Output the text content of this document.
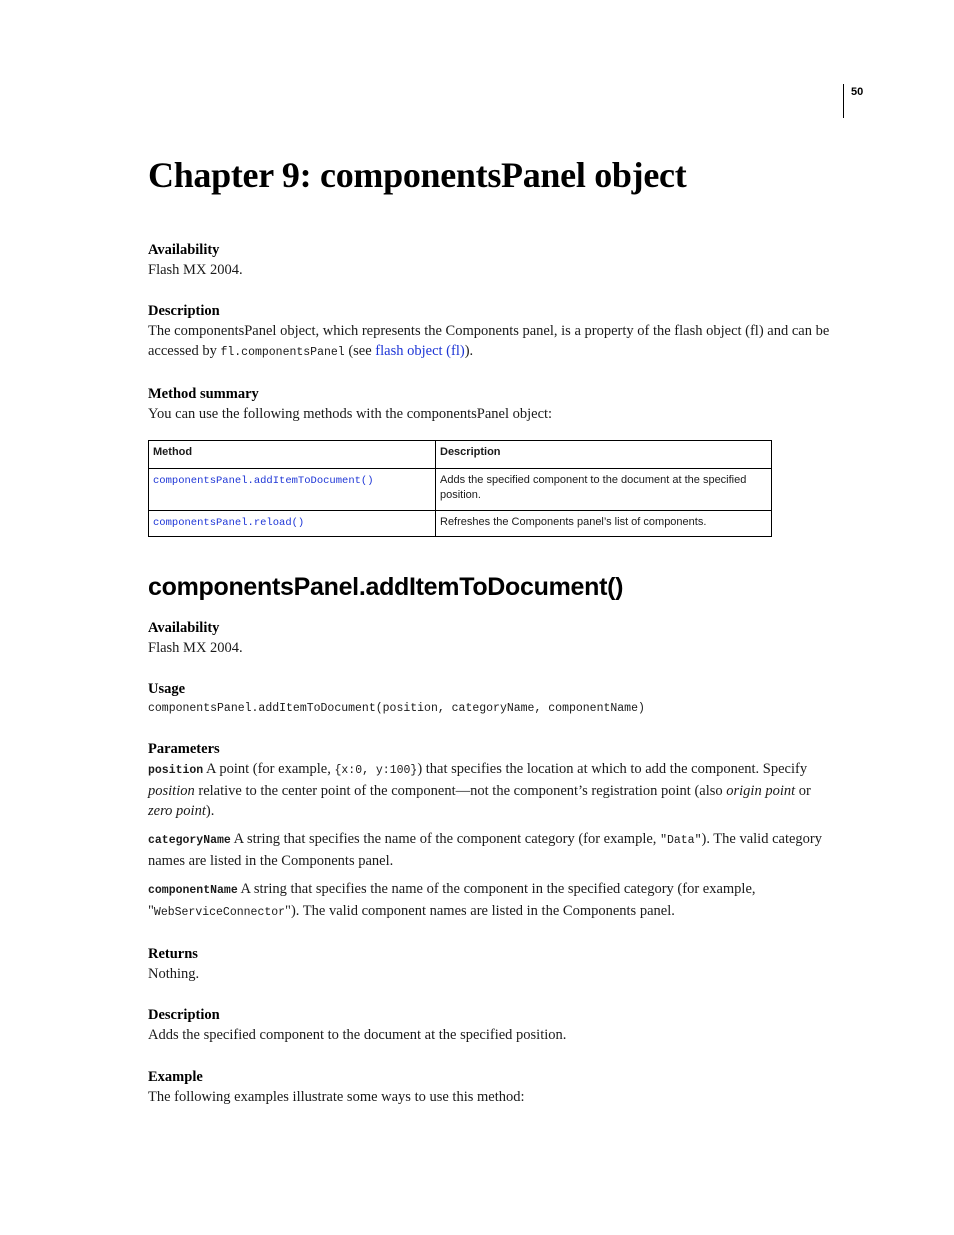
50
Chapter 9: componentsPanel object

Availability

Flash MX 2004.

Description

The componentsPanel object, which represents the Components panel, is a property of the flash object (fl) and can be
accessed by fl.componentsPanel (see flash object (fl)).

Method summary

You can use the following methods with the componentsPanel object:

Method	Description
componentsPanel.addItemToDocument()	Adds the specified component to the document at the specified position.
componentsPanel.reload()	Refreshes the Components panel’s list of components.
componentsPanel.addItemToDocument()

Availability

Flash MX 2004.

Usage

componentsPanel.addItemToDocument(position, categoryName, componentName)

Parameters

position A point (for example, {x:0, y:100}) that specifies the location at which to add the component. Specify
position relative to the center point of the component—not the component’s registration point (also origin point or
zero point).

categoryName A string that specifies the name of the component category (for example, "Data"). The valid category
names are listed in the Components panel.

componentName A string that specifies the name of the component in the specified category (for example,
"WebServiceConnector"). The valid component names are listed in the Components panel.

Returns

Nothing.

Description

Adds the specified component to the document at the specified position.

Example

The following examples illustrate some ways to use this method:
